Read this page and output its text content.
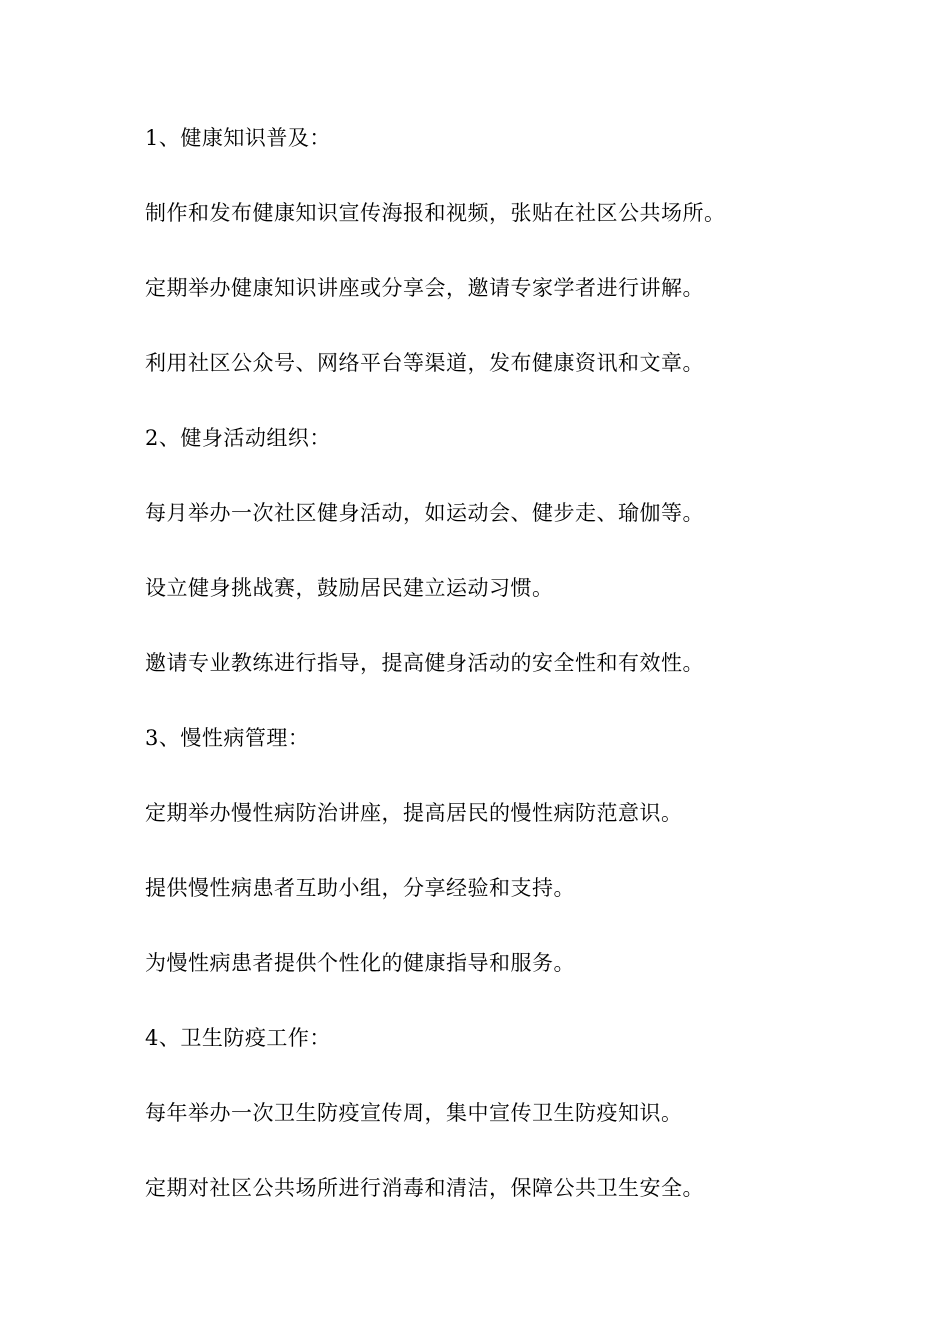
1、健康知识普及：
制作和发布健康知识宣传海报和视频，张贴在社区公共场所。
定期举办健康知识讲座或分享会，邀请专家学者进行讲解。
利用社区公众号、网络平台等渠道，发布健康资讯和文章。
2、健身活动组织：
每月举办一次社区健身活动，如运动会、健步走、瑜伽等。
设立健身挑战赛，鼓励居民建立运动习惯。
邀请专业教练进行指导，提高健身活动的安全性和有效性。
3、慢性病管理：
定期举办慢性病防治讲座，提高居民的慢性病防范意识。
提供慢性病患者互助小组，分享经验和支持。
为慢性病患者提供个性化的健康指导和服务。
4、卫生防疫工作：
每年举办一次卫生防疫宣传周，集中宣传卫生防疫知识。
定期对社区公共场所进行消毒和清洁，保障公共卫生安全。
